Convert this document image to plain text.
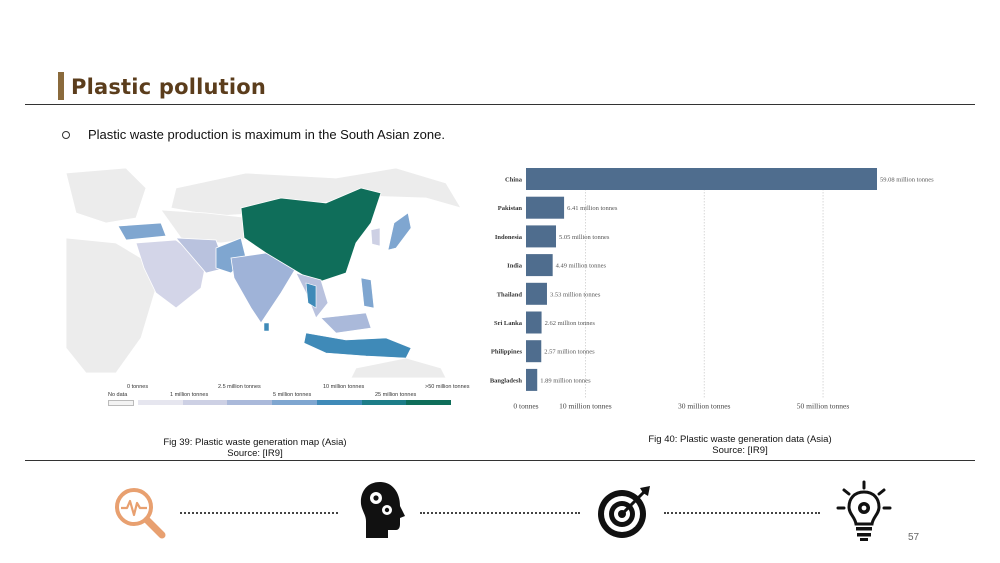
Plastic pollution
Plastic waste production is maximum in the South Asian zone.
0 tonnes	2.5 million tonnes	10 million tonnes	>50 million tonnes
No data	1 million tonnes	5 million tonnes	25 million tonnes
Fig 39: Plastic waste generation map (Asia)
Source: [IR9]
0 tonnes	10 million tonnes	30 million tonnes	50 million tonnes
China	59.08 million tonnes
Pakistan	6.41 million tonnes
Indonesia	5.05 million tonnes
India	4.49 million tonnes
Thailand	3.53 million tonnes
Sri Lanka	2.62 million tonnes
Philippines	2.57 million tonnes
Bangladesh	1.89 million tonnes
Fig 40: Plastic waste generation data (Asia)
Source: [IR9]
57
